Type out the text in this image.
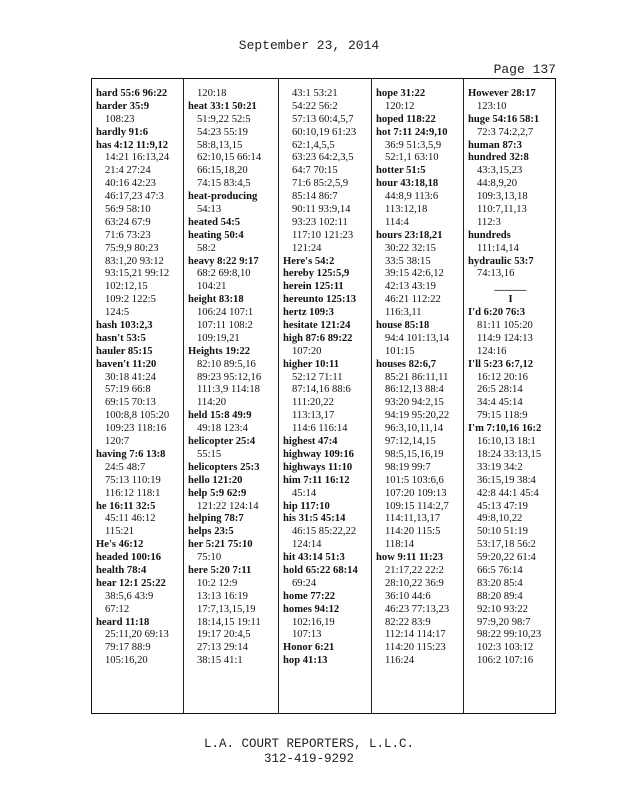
September 23, 2014
Page 137
hard 55:6 96:22
harder 35:9
108:23
hardly 91:6
has 4:12 11:9,12
14:21 16:13,24
21:4 27:24
40:16 42:23
46:17,23 47:3
56:9 58:10
63:24 67:9
71:6 73:23
75:9,9 80:23
83:1,20 93:12
93:15,21 99:12
102:12,15
109:2 122:5
124:5
hash 103:2,3
hasn't 53:5
hauler 85:15
haven't 11:20
30:18 41:24
57:19 66:8
69:15 70:13
100:8,8 105:20
109:23 118:16
120:7
having 7:6 13:8
24:5 48:7
75:13 110:19
116:12 118:1
he 16:11 32:5
45:11 46:12
115:21
He's 46:12
headed 100:16
health 78:4
hear 12:1 25:22
38:5,6 43:9
67:12
heard 11:18
25:11,20 69:13
79:17 88:9
105:16,20
120:18
heat 33:1 50:21
51:9,22 52:5
54:23 55:19
58:8,13,15
62:10,15 66:14
66:15,18,20
74:15 83:4,5
heat-producing
54:13
heated 54:5
heating 50:4
58:2
heavy 8:22 9:17
68:2 69:8,10
104:21
height 83:18
106:24 107:1
107:11 108:2
109:19,21
Heights 19:22
82:10 89:5,16
89:23 95:12,16
111:3,9 114:18
114:20
held 15:8 49:9
49:18 123:4
helicopter 25:4
55:15
helicopters 25:3
hello 121:20
help 5:9 62:9
121:22 124:14
helping 78:7
helps 23:5
her 5:21 75:10
75:10
here 5:20 7:11
10:2 12:9
13:13 16:19
17:7,13,15,19
18:14,15 19:11
19:17 20:4,5
27:13 29:14
38:15 41:1
43:1 53:21
54:22 56:2
57:13 60:4,5,7
60:10,19 61:23
62:1,4,5,5
63:23 64:2,3,5
64:7 70:15
71:6 85:2,5,9
85:14 86:7
90:11 93:9,14
93:23 102:11
117:10 121:23
121:24
Here's 54:2
hereby 125:5,9
herein 125:11
hereunto 125:13
hertz 109:3
hesitate 121:24
high 87:6 89:22
107:20
higher 10:11
52:12 71:11
87:14,16 88:6
111:20,22
113:13,17
114:6 116:14
highest 47:4
highway 109:16
highways 11:10
him 7:11 16:12
45:14
hip 117:10
his 31:5 45:14
46:15 85:22,22
124:14
hit 43:14 51:3
hold 65:22 68:14
69:24
home 77:22
homes 94:12
102:16,19
107:13
Honor 6:21
hop 41:13
hope 31:22
120:12
hoped 118:22
hot 7:11 24:9,10
36:9 51:3,5,9
52:1,1 63:10
hotter 51:5
hour 43:18,18
44:8,9 113:6
113:12,18
114:4
hours 23:18,21
30:22 32:15
33:5 38:15
39:15 42:6,12
42:13 43:19
46:21 112:22
116:3,11
house 85:18
94:4 101:13,14
101:15
houses 82:6,7
85:21 86:11,11
86:12,13 88:4
93:20 94:2,15
94:19 95:20,22
96:3,10,11,14
97:12,14,15
98:5,15,16,19
98:19 99:7
101:5 103:6,6
107:20 109:13
109:15 114:2,7
114:11,13,17
114:20 115:5
118:14
how 9:11 11:23
21:17,22 22:2
28:10,22 36:9
36:10 44:6
46:23 77:13,23
82:22 83:9
112:14 114:17
114:20 115:23
116:24
However 28:17
123:10
huge 54:16 58:1
72:3 74:2,2,7
human 87:3
hundred 32:8
43:3,15,23
44:8,9,20
109:3,13,18
110:7,11,13
112:3
hundreds
111:14,14
hydraulic 53:7
74:13,16
______
I
I'd 6:20 76:3
81:11 105:20
114:9 124:13
124:16
I'll 5:23 6:7,12
16:12 20:16
26:5 28:14
34:4 45:14
79:15 118:9
I'm 7:10,16 16:2
16:10,13 18:1
18:24 33:13,15
33:19 34:2
36:15,19 38:4
42:8 44:1 45:4
45:13 47:19
49:8,10,22
50:10 51:19
53:17,18 56:2
59:20,22 61:4
66:5 76:14
83:20 85:4
88:20 89:4
92:10 93:22
97:9,20 98:7
98:22 99:10,23
102:3 103:12
106:2 107:16
L.A. COURT REPORTERS, L.L.C.
312-419-9292
